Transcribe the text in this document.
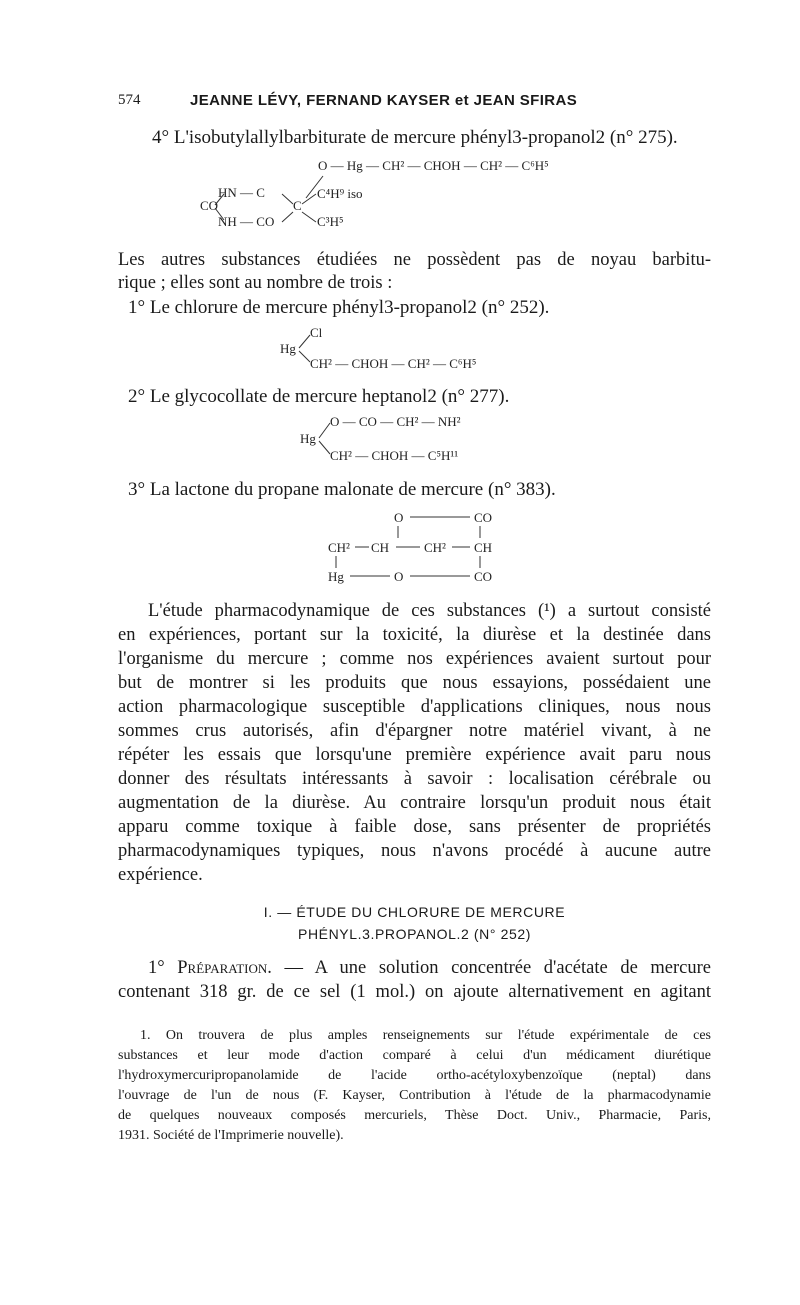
574	JEANNE LÉVY, FERNAND KAYSER et JEAN SFIRAS
4° L'isobutylallylbarbiturate de mercure phényl3-propanol2 (n° 275).
O — Hg — CH² — CHOH — CH² — C⁶H⁵
HN — C
CO	C
NH — CO
C⁴H⁹ iso
C³H⁵
Les autres substances étudiées ne possèdent pas de noyau barbitu-
rique ; elles sont au nombre de trois :
1° Le chlorure de mercure phényl3-propanol2 (n° 252).
Cl
Hg
CH² — CHOH — CH² — C⁶H⁵
2° Le glycocollate de mercure heptanol2 (n° 277).
O — CO — CH² — NH²
Hg
CH² — CHOH — C⁵H¹¹
3° La lactone du propane malonate de mercure (n° 383).
O	CO
CH² CH	CH² CH
Hg	O	CO
L'étude pharmacodynamique de ces substances (¹) a surtout consisté
en expériences, portant sur la toxicité, la diurèse et la destinée dans
l'organisme du mercure ; comme nos expériences avaient surtout pour
but de montrer si les produits que nous essayions, possédaient une
action pharmacologique susceptible d'applications cliniques, nous nous
sommes crus autorisés, afin d'épargner notre matériel vivant, à ne
répéter les essais que lorsqu'une première expérience avait paru nous
donner des résultats intéressants à savoir : localisation cérébrale ou
augmentation de la diurèse. Au contraire lorsqu'un produit nous était
apparu comme toxique à faible dose, sans présenter de propriétés
pharmacodynamiques typiques, nous n'avons procédé à aucune autre
expérience.
I. — ÉTUDE DU CHLORURE DE MERCURE
PHÉNYL.3.PROPANOL.2 (N° 252)
1° Préparation. — A une solution concentrée d'acétate de mercure
contenant 318 gr. de ce sel (1 mol.) on ajoute alternativement en agitant
1. On trouvera de plus amples renseignements sur l'étude expérimentale de ces
substances et leur mode d'action comparé à celui d'un médicament diurétique
l'hydroxymercuripropanolamide de l'acide ortho-acétyloxybenzoïque (neptal) dans
l'ouvrage de l'un de nous (F. Kayser, Contribution à l'étude de la pharmacodynamie
de quelques nouveaux composés mercuriels, Thèse Doct. Univ., Pharmacie, Paris,
1931. Société de l'Imprimerie nouvelle).
